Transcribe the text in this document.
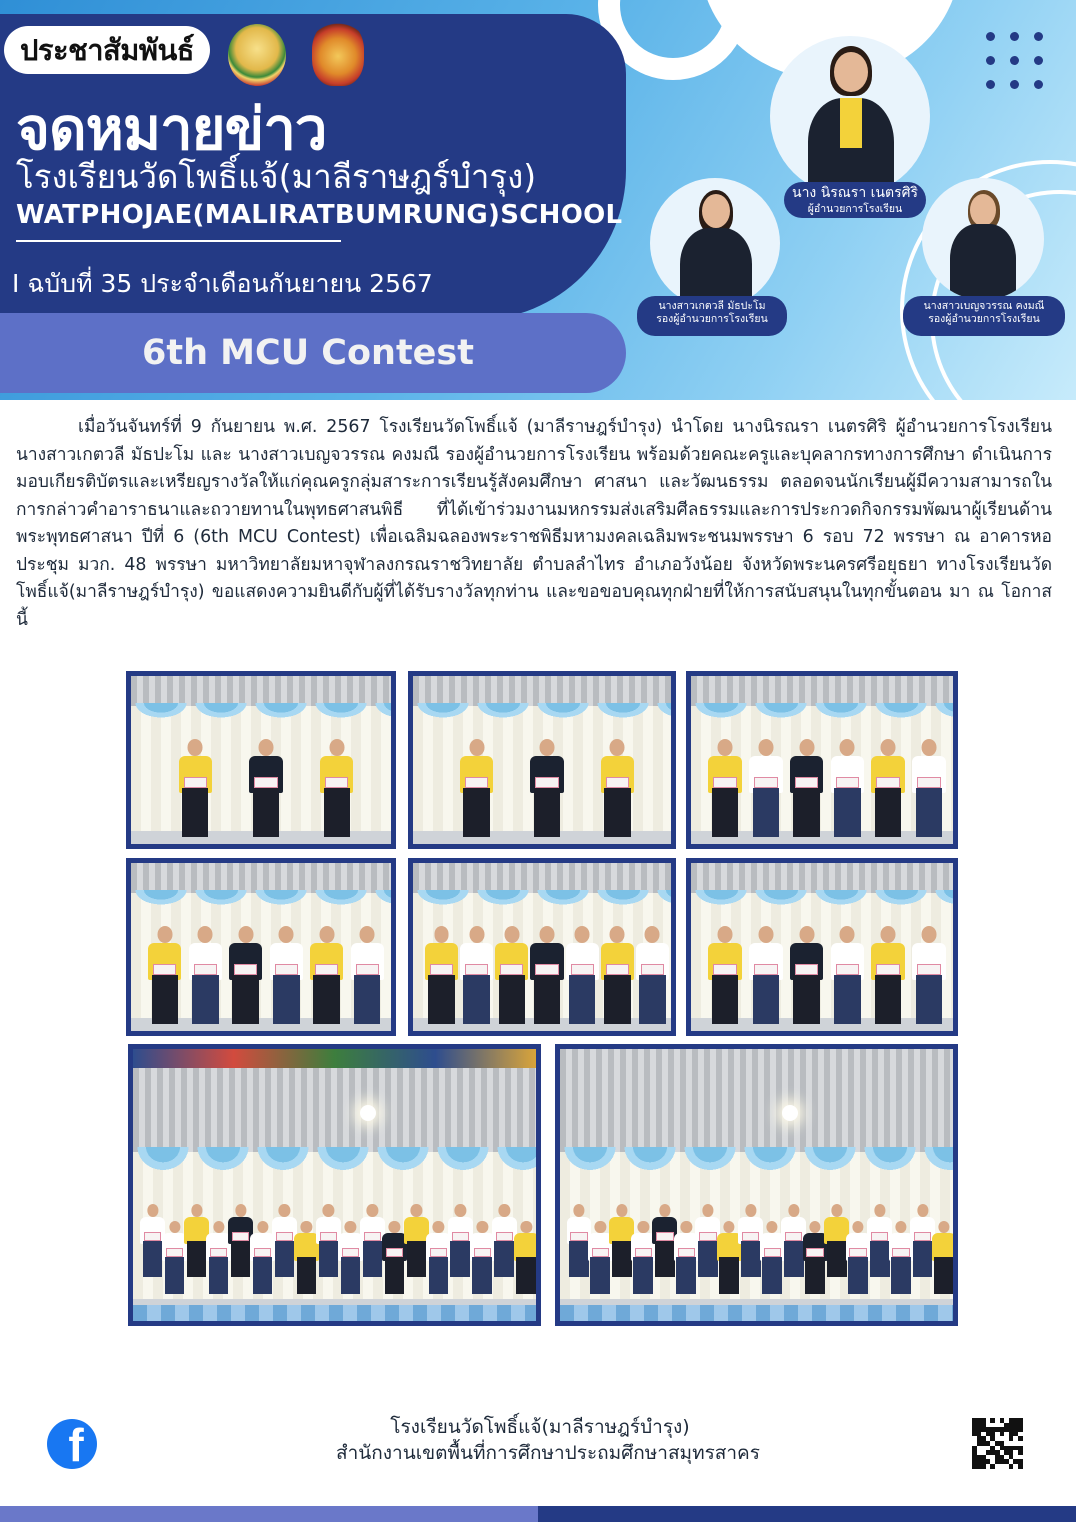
ประชาสัมพันธ์
จดหมายข่าว
โรงเรียนวัดโพธิ์แจ้(มาลีราษฎร์บำรุง)
WATPHOJAE(MALIRATBUMRUNG)SCHOOL
I ฉบับที่ 35 ประจำเดือนกันยายน 2567
6th MCU Contest
นาง นิรณรา เนตรศิริ
ผู้อำนวยการโรงเรียน
นางสาวเกตวลี มัธปะโม
รองผู้อำนวยการโรงเรียน
นางสาวเบญจวรรณ คงมณี
รองผู้อำนวยการโรงเรียน

เมื่อวันจันทร์ที่ 9 กันยายน พ.ศ. 2567 โรงเรียนวัดโพธิ์แจ้ (มาลีราษฎร์บำรุง) นำโดย นางนิรณรา เนตรศิริ ผู้อำนวยการโรงเรียน นางสาวเกตวลี มัธปะโม และ นางสาวเบญจวรรณ คงมณี รองผู้อำนวยการโรงเรียน พร้อมด้วยคณะครูและบุคลากรทางการศึกษา ดำเนินการมอบเกียรติบัตรและเหรียญรางวัลให้แก่คุณครูกลุ่มสาระการเรียนรู้สังคมศึกษา ศาสนา และวัฒนธรรม ตลอดจนนักเรียนผู้มีความสามารถในการกล่าวคำอาราธนาและถวายทานในพุทธศาสนพิธี ที่ได้เข้าร่วมงานมหกรรมส่งเสริมศีลธรรมและการประกวดกิจกรรมพัฒนาผู้เรียนด้านพระพุทธศาสนา ปีที่ 6 (6th MCU Contest) เพื่อเฉลิมฉลองพระราชพิธีมหามงคลเฉลิมพระชนมพรรษา 6 รอบ 72 พรรษา ณ อาคารหอประชุม มวก. 48 พรรษา มหาวิทยาลัยมหาจุฬาลงกรณราชวิทยาลัย ตำบลลำไทร อำเภอวังน้อย จังหวัดพระนครศรีอยุธยา ทางโรงเรียนวัดโพธิ์แจ้(มาลีราษฎร์บำรุง) ขอแสดงความยินดีกับผู้ที่ได้รับรางวัลทุกท่าน และขอขอบคุณทุกฝ่ายที่ให้การสนับสนุนในทุกขั้นตอน มา ณ โอกาสนี้

f	โรงเรียนวัดโพธิ์แจ้(มาลีราษฎร์บำรุง)
สำนักงานเขตพื้นที่การศึกษาประถมศึกษาสมุทรสาคร
